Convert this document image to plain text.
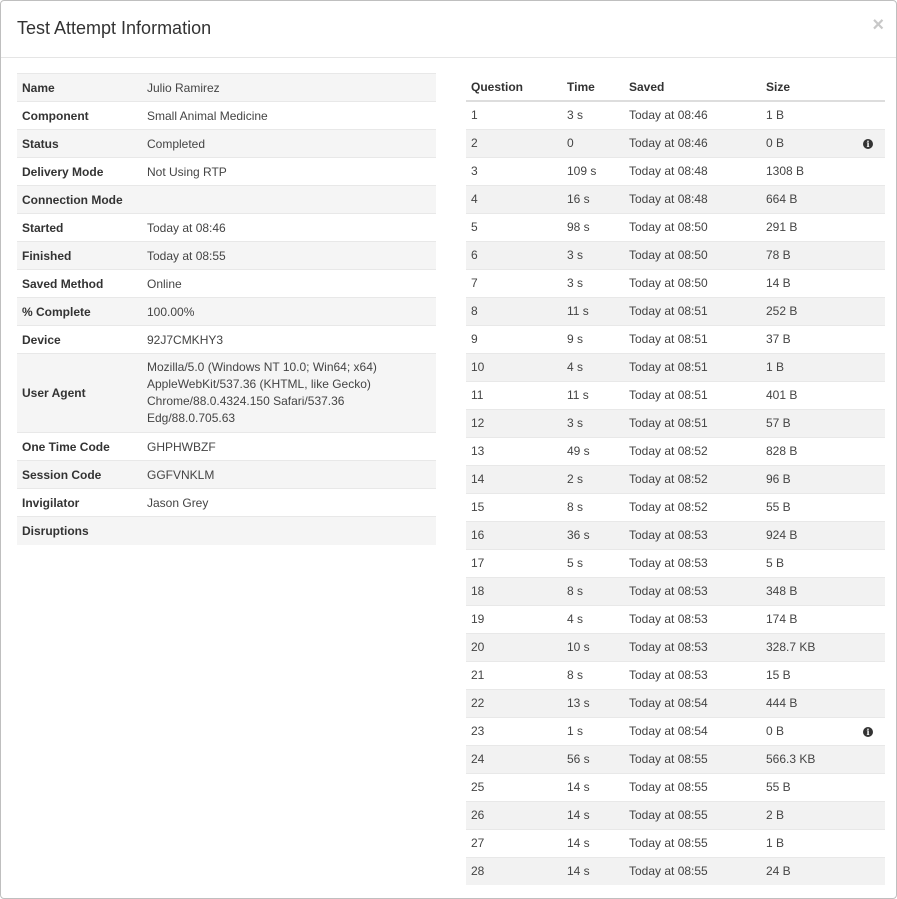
Test Attempt Information	×
Name	Julio Ramirez
Component	Small Animal Medicine
Status	Completed
Delivery Mode	Not Using RTP
Connection Mode	
Started	Today at 08:46
Finished	Today at 08:55
Saved Method	Online
% Complete	100.00%
Device	92J7CMKHY3
User Agent	Mozilla/5.0 (Windows NT 10.0; Win64; x64) AppleWebKit/537.36 (KHTML, like Gecko) Chrome/88.0.4324.150 Safari/537.36 Edg/88.0.705.63
One Time Code	GHPHWBZF
Session Code	GGFVNKLM
Invigilator	Jason Grey
Disruptions	
Question	Time	Saved	Size	
1	3 s	Today at 08:46	1 B	
2	0	Today at 08:46	0 B	i
3	109 s	Today at 08:48	1308 B	
4	16 s	Today at 08:48	664 B	
5	98 s	Today at 08:50	291 B	
6	3 s	Today at 08:50	78 B	
7	3 s	Today at 08:50	14 B	
8	11 s	Today at 08:51	252 B	
9	9 s	Today at 08:51	37 B	
10	4 s	Today at 08:51	1 B	
11	11 s	Today at 08:51	401 B	
12	3 s	Today at 08:51	57 B	
13	49 s	Today at 08:52	828 B	
14	2 s	Today at 08:52	96 B	
15	8 s	Today at 08:52	55 B	
16	36 s	Today at 08:53	924 B	
17	5 s	Today at 08:53	5 B	
18	8 s	Today at 08:53	348 B	
19	4 s	Today at 08:53	174 B	
20	10 s	Today at 08:53	328.7 KB	
21	8 s	Today at 08:53	15 B	
22	13 s	Today at 08:54	444 B	
23	1 s	Today at 08:54	0 B	i
24	56 s	Today at 08:55	566.3 KB	
25	14 s	Today at 08:55	55 B	
26	14 s	Today at 08:55	2 B	
27	14 s	Today at 08:55	1 B	
28	14 s	Today at 08:55	24 B	
